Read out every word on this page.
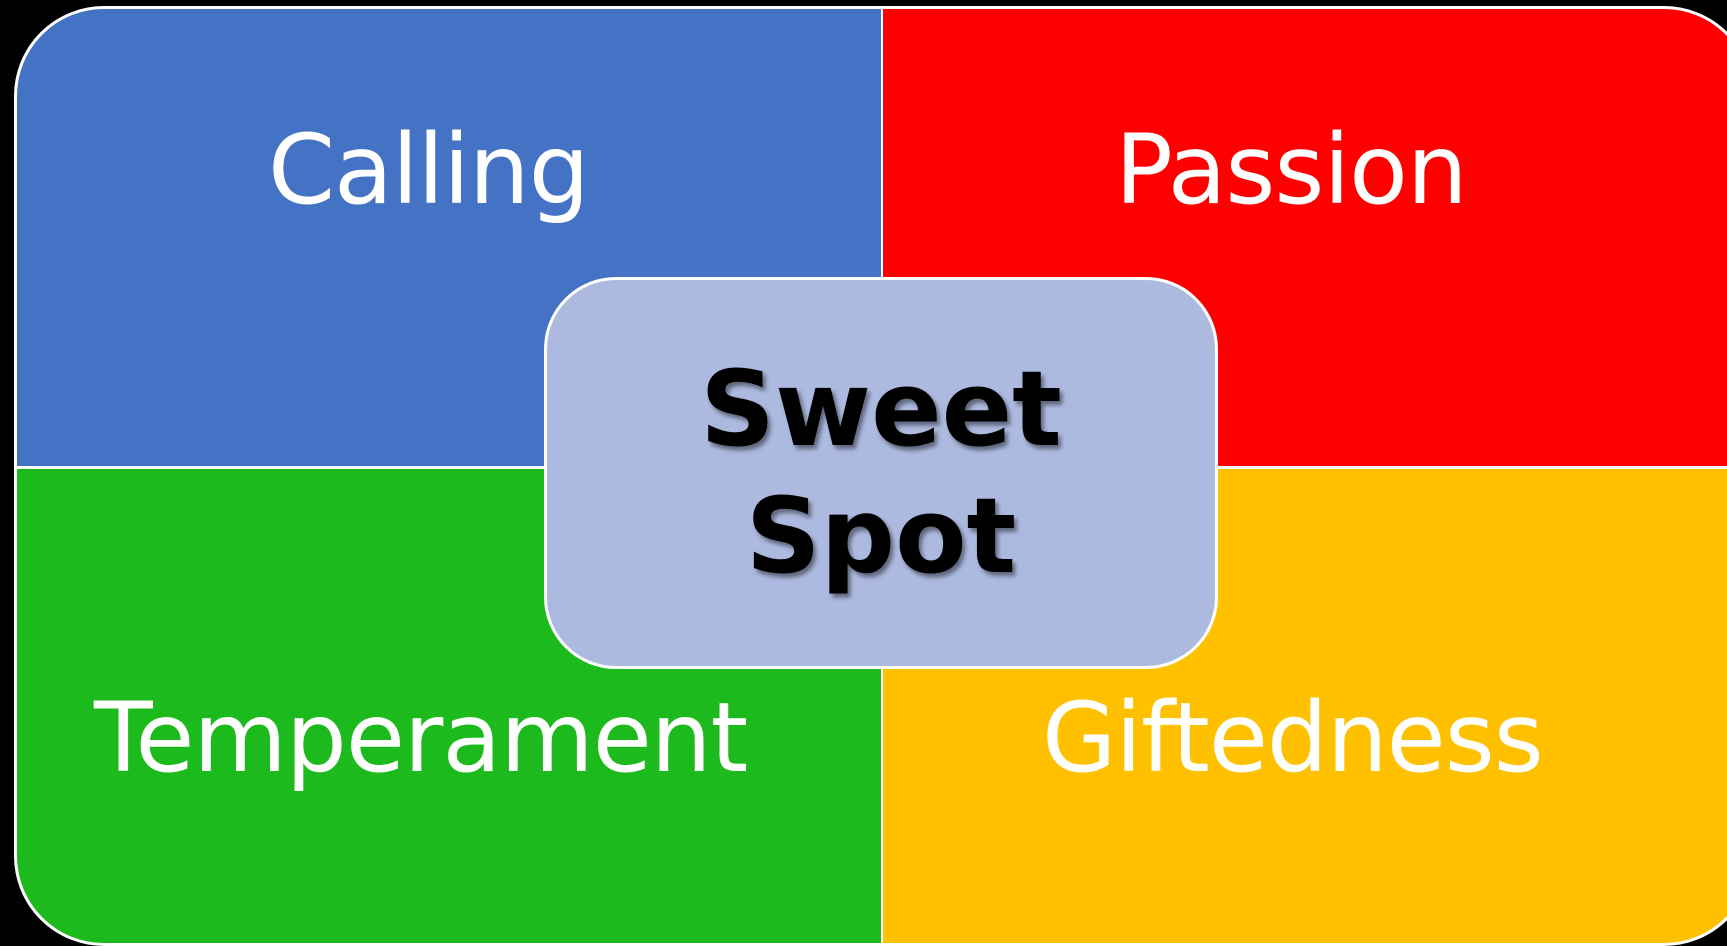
Calling	Passion
Temperament	Giftedness
Sweet
Spot
